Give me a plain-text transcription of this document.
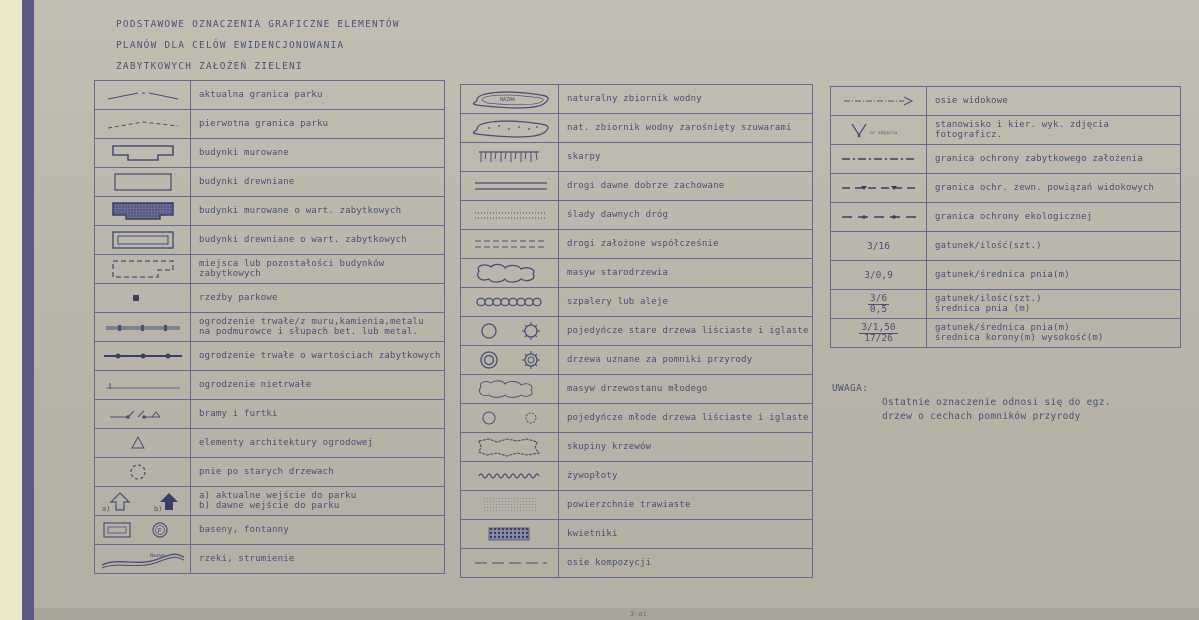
PODSTAWOWE OZNACZENIA GRAFICZNE ELEMENTÓW
PLANÓW DLA CELÓW EWIDENCJONOWANIA
ZABYTKOWYCH ZAŁOŻEŃ ZIELENI
	aktualna granica parku

	pierwotna granica parku

	budynki murowane

	budynki drewniane

	budynki murowane o wart. zabytkowych

	budynki drewniane o wart. zabytkowych

	miejsca lub pozostałości budynków
zabytkowych

	rzeźby parkowe

	ogrodzenie trwałe/z muru,kamienia,metalu
na podmurowce i słupach bet. lub metal.

	ogrodzenie trwałe o wartościach zabytkowych

	ogrodzenie nietrwałe

	bramy i furtki

	elementy architektury ogrodowej

	pnie po starych drzewach

a) b)	a) aktualne wejście do parku
b) dawne wejście do parku

F	baseny, fontanny

Nazwa	rzeki, strumienie
NAZWA	naturalny zbiornik wodny

	nat. zbiornik wodny zarośnięty szuwarami

	skarpy

	drogi dawne dobrze zachowane

	ślady dawnych dróg

	drogi założone współcześnie

	masyw starodrzewia

	szpalery lub aleje

	pojedyńcze stare drzewa liściaste i iglaste

	drzewa uznane za pomniki przyrody

	masyw drzewostanu młodego

	pojedyńcze młode drzewa liściaste i iglaste

	skupiny krzewów

	żywopłoty

	powierzchnie trawiaste

	kwietniki

	osie kompozycji
	osie widokowe

nr zdjęcia	stanowisko i kier. wyk. zdjęcia fotograficz.

	granica ochrony zabytkowego założenia

	granica ochr. zewn. powiązań widokowych

	granica ochrony ekologicznej
3/16	gatunek/ilość(szt.)
3/0,9	gatunek/średnica pnia(m)
3/6
0,5	gatunek/ilość(szt.)
średnica pnia (m)
3/1,50
17/26	gatunek/średnica pnia(m)
średnica korony(m) wysokość(m)
UWAGA:
Ostatnie oznaczenie odnosi się do egz.
drzew o cechach pomników przyrody
3-ai
